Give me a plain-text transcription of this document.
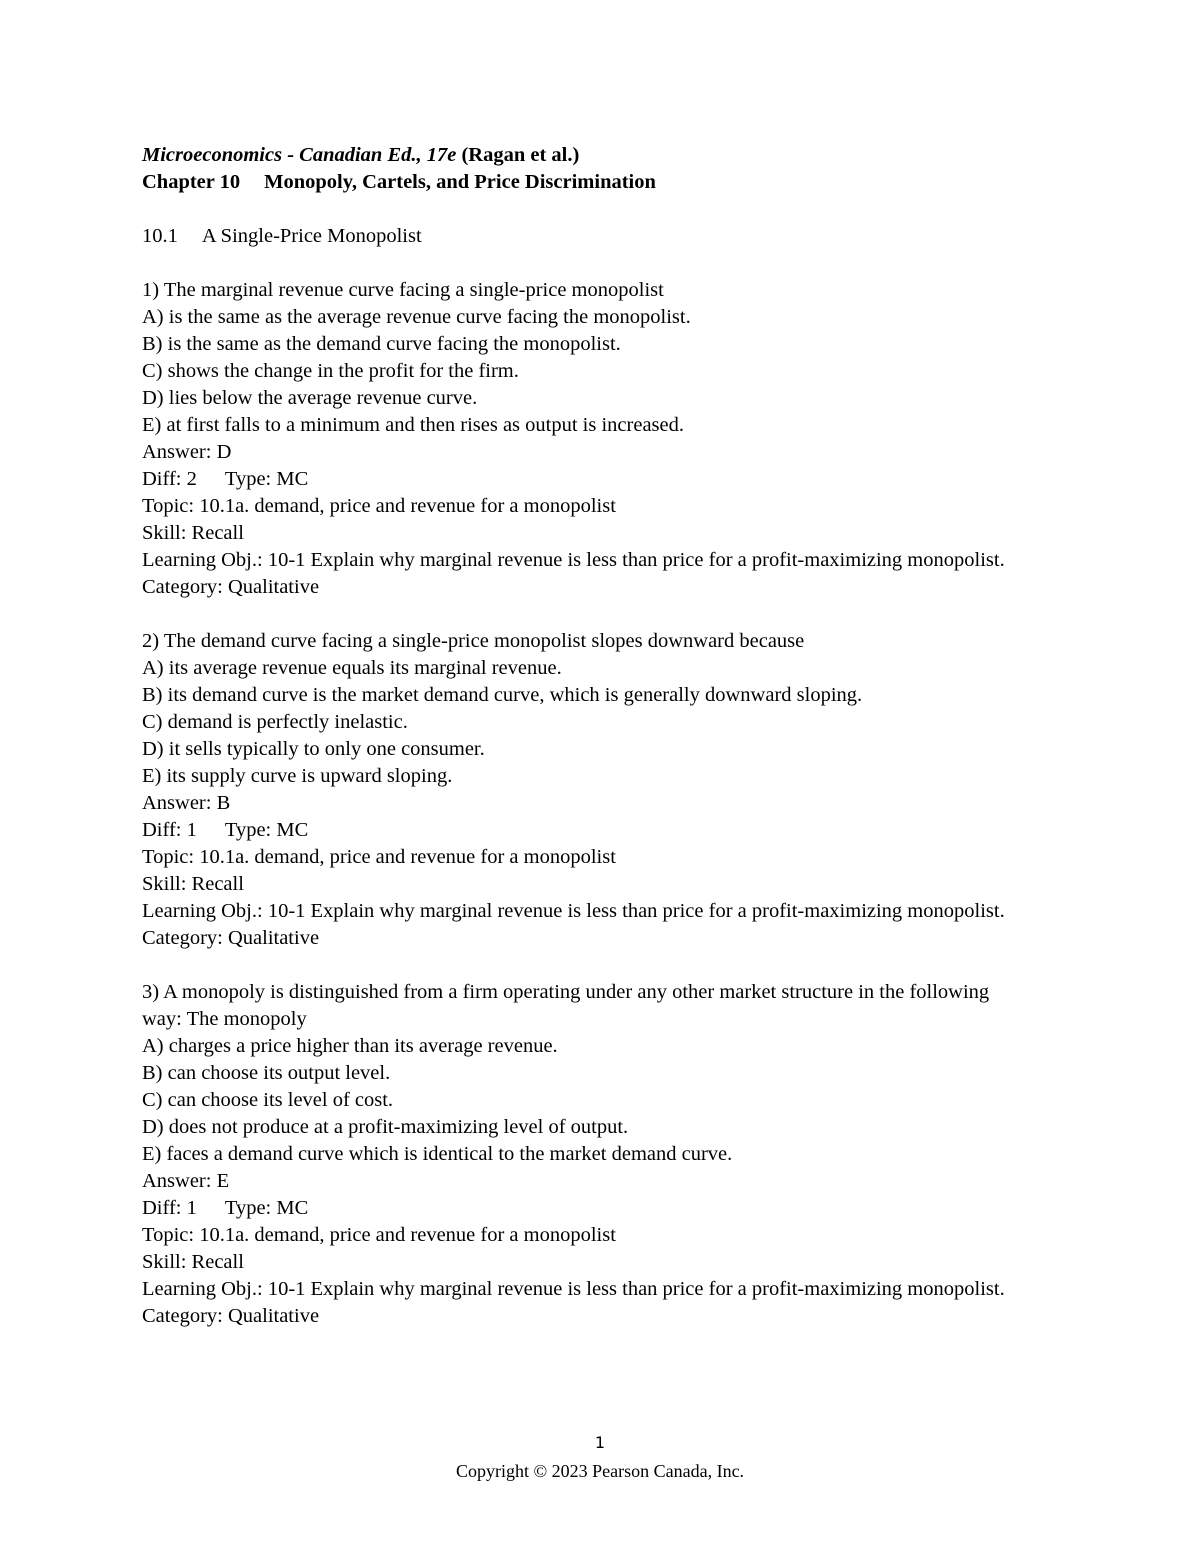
Microeconomics - Canadian Ed., 17e (Ragan et al.)
Chapter 10 Monopoly, Cartels, and Price Discrimination
10.1 A Single-Price Monopolist
1) The marginal revenue curve facing a single-price monopolist
A) is the same as the average revenue curve facing the monopolist.
B) is the same as the demand curve facing the monopolist.
C) shows the change in the profit for the firm.
D) lies below the average revenue curve.
E) at first falls to a minimum and then rises as output is increased.
Answer: D
Diff: 2 Type: MC
Topic: 10.1a. demand, price and revenue for a monopolist
Skill: Recall
Learning Obj.: 10-1 Explain why marginal revenue is less than price for a profit-maximizing monopolist.
Category: Qualitative
2) The demand curve facing a single-price monopolist slopes downward because
A) its average revenue equals its marginal revenue.
B) its demand curve is the market demand curve, which is generally downward sloping.
C) demand is perfectly inelastic.
D) it sells typically to only one consumer.
E) its supply curve is upward sloping.
Answer: B
Diff: 1 Type: MC
Topic: 10.1a. demand, price and revenue for a monopolist
Skill: Recall
Learning Obj.: 10-1 Explain why marginal revenue is less than price for a profit-maximizing monopolist.
Category: Qualitative
3) A monopoly is distinguished from a firm operating under any other market structure in the following way: The monopoly
A) charges a price higher than its average revenue.
B) can choose its output level.
C) can choose its level of cost.
D) does not produce at a profit-maximizing level of output.
E) faces a demand curve which is identical to the market demand curve.
Answer: E
Diff: 1 Type: MC
Topic: 10.1a. demand, price and revenue for a monopolist
Skill: Recall
Learning Obj.: 10-1 Explain why marginal revenue is less than price for a profit-maximizing monopolist.
Category: Qualitative
1
Copyright © 2023 Pearson Canada, Inc.
